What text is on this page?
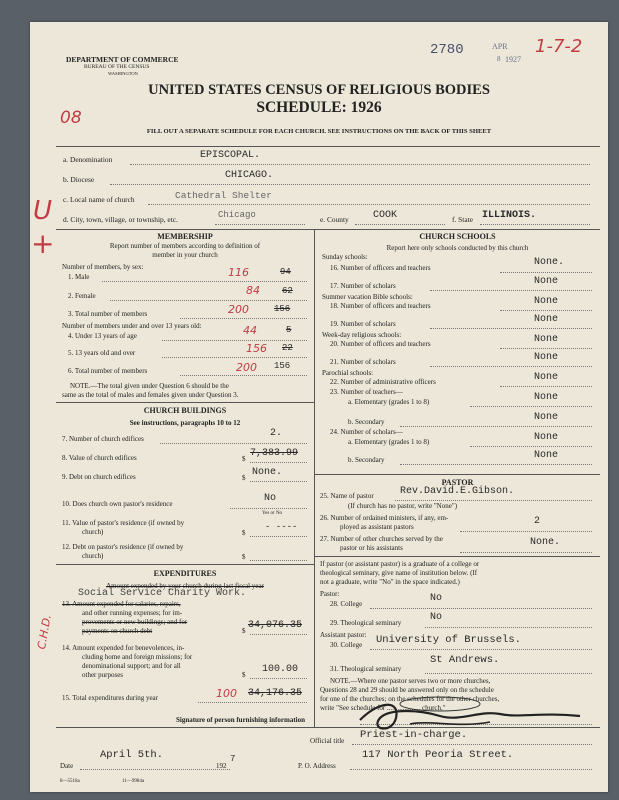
2780	APR
8 1927
1-7-2
DEPARTMENT OF COMMERCE
BUREAU OF THE CENSUS
WASHINGTON
UNITED STATES CENSUS OF RELIGIOUS BODIES
SCHEDULE: 1926
08
FILL OUT A SEPARATE SCHEDULE FOR EACH CHURCH. SEE INSTRUCTIONS ON THE BACK OF THIS SHEET
a. Denomination	EPISCOPAL.
b. Diocese	CHICAGO.
c. Local name of church	Cathedral Shelter
d. City, town, village, or township, etc.	Chicago	e. County COOK	f. State ILLINOIS.
U
+
C.H.D.
MEMBERSHIP
Report number of members according to definition of
member in your church
Number of members, by sex:
1. Male	116	94
2. Female	84 62
3. Total number of members	200	156
Number of members under and over 13 years old:
4. Under 13 years of age	44	5
5. 13 years old and over	156 22
6. Total number of members	200 156
NOTE.—The total given under Question 6 should be the
same as the total of males and females given under Question 3.
CHURCH BUILDINGS
See instructions, paragraphs 10 to 12
7. Number of church edifices	2.
8. Value of church edifices	$ 7,383.99
9. Debt on church edifices	$ None.
10. Does church own pastor's residence	No
Yes or No
11. Value of pastor's residence (if owned by
church)	$
- ----
12. Debt on pastor's residence (if owned by
church)	$
EXPENDITURES
Amount expended by your church during last fiscal year
Social Service Charity Work.
13. Amount expended for salaries, repairs,
and other running expenses; for im-
provements or new buildings; and for
payments on church debt	$ 34,076.35
14. Amount expended for benevolences, in-
cluding home and foreign missions; for
denominational support; and for all
other purposes	$ 100.00
15. Total expenditures during year	100 34,176.35
CHURCH SCHOOLS
Report here only schools conducted by this church
Sunday schools:
16. Number of officers and teachers	None.
17. Number of scholars	None
Summer vacation Bible schools:
18. Number of officers and teachers	None
19. Number of scholars	None
Week-day religious schools:
20. Number of officers and teachers	None
21. Number of scholars	None
Parochial schools:
22. Number of administrative officers	None
23. Number of teachers—
a. Elementary (grades 1 to 8)	None
b. Secondary	None
24. Number of scholars—
a. Elementary (grades 1 to 8)	None
b. Secondary	None
PASTOR
25. Name of pastor	Rev.David.E.Gibson.
(If church has no pastor, write "None")
26. Number of ordained ministers, if any, em-
ployed as assistant pastors	2
27. Number of other churches served by the
pastor or his assistants	None.
If pastor (or assistant pastor) is a graduate of a college or
theological seminary, give name of institution below. (If
not a graduate, write "No" in the space indicated.)
Pastor:
28. College	No
29. Theological seminary	No
Assistant pastor:
30. College University of Brussels.
31. Theological seminary
St Andrews.
NOTE.—Where one pastor serves two or more churches,
Questions 28 and 29 should be answered only on the schedule
for one of the churches; on the schedules for the other churches,
write "See schedule for ................... church."
Signature of person furnishing information
Official title Priest-in-charge.
Date
April 5th.
192
7
P. O. Address
117 North Peoria Street.
8—5518a	11—9984a
